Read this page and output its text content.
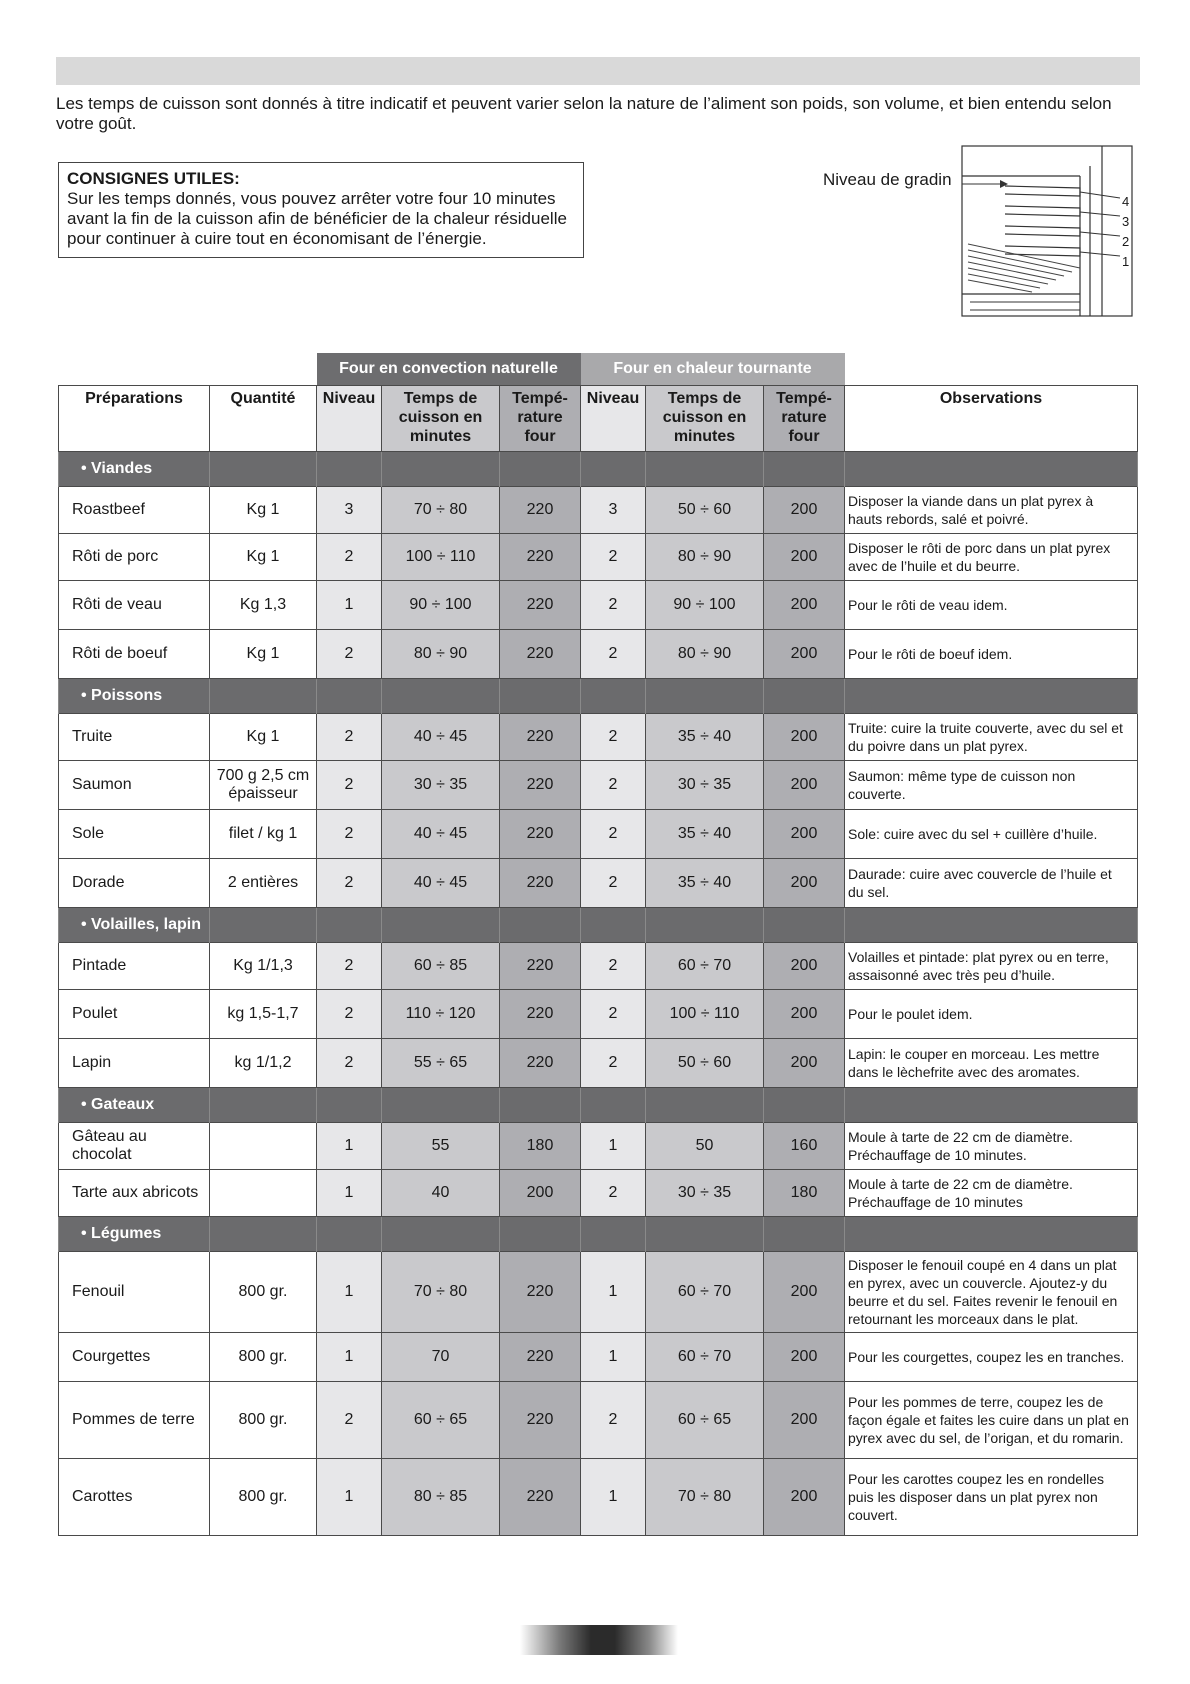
Les temps de cuisson sont donnés à titre indicatif et peuvent varier selon la nature de l’aliment son poids, son volume, et bien entendu selon votre goût.
CONSIGNES UTILES:
Sur les temps donnés, vous pouvez arrêter votre four 10 minutes avant la fin de la cuisson afin de bénéficier de la chaleur résiduelle pour continuer à cuire tout en économisant de l’énergie.
Niveau de gradin
4
3
2
1
		Four en convection naturelle			Four en chaleur tournante			
Préparations	Quantité	Niveau	Temps de cuisson en minutes	Tempé-rature four	Niveau	Temps de cuisson en minutes	Tempé-rature four	Observations
• Viandes								
Roastbeef	Kg 1	3	70 ÷ 80	220	3	50 ÷ 60	200	Disposer la viande dans un plat pyrex à hauts rebords, salé et poivré.
Rôti de porc	Kg 1	2	100 ÷ 110	220	2	80 ÷ 90	200	Disposer le rôti de porc dans un plat pyrex avec de l’huile et du beurre.
Rôti de veau	Kg 1,3	1	90 ÷ 100	220	2	90 ÷ 100	200	Pour le rôti de veau idem.
Rôti de boeuf	Kg 1	2	80 ÷ 90	220	2	80 ÷ 90	200	Pour le rôti de boeuf idem.
• Poissons								
Truite	Kg 1	2	40 ÷ 45	220	2	35 ÷ 40	200	Truite: cuire la truite couverte, avec du sel et du poivre dans un plat pyrex.
Saumon	700 g 2,5 cm épaisseur	2	30 ÷ 35	220	2	30 ÷ 35	200	Saumon: même type de cuisson non couverte.
Sole	filet / kg 1	2	40 ÷ 45	220	2	35 ÷ 40	200	Sole: cuire avec du sel + cuillère d’huile.
Dorade	2 entières	2	40 ÷ 45	220	2	35 ÷ 40	200	Daurade: cuire avec couvercle de l’huile et du sel.
• Volailles, lapin								
Pintade	Kg 1/1,3	2	60 ÷ 85	220	2	60 ÷ 70	200	Volailles et pintade: plat pyrex ou en terre, assaisonné avec très peu d’huile.
Poulet	kg 1,5-1,7	2	110 ÷ 120	220	2	100 ÷ 110	200	Pour le poulet idem.
Lapin	kg 1/1,2	2	55 ÷ 65	220	2	50 ÷ 60	200	Lapin: le couper en morceau. Les mettre dans le lèchefrite avec des aromates.
• Gateaux								
Gâteau au chocolat		1	55	180	1	50	160	Moule à tarte de 22 cm de diamètre. Préchauffage de 10 minutes.
Tarte aux abricots		1	40	200	2	30 ÷ 35	180	Moule à tarte de 22 cm de diamètre. Préchauffage de 10 minutes
• Légumes								
Fenouil	800 gr.	1	70 ÷ 80	220	1	60 ÷ 70	200	Disposer le fenouil coupé en 4 dans un plat en pyrex, avec un couvercle. Ajoutez-y du beurre et du sel. Faites revenir le fenouil en retournant les morceaux dans le plat.
Courgettes	800 gr.	1	70	220	1	60 ÷ 70	200	Pour les courgettes, coupez les en tranches.
Pommes de terre	800 gr.	2	60 ÷ 65	220	2	60 ÷ 65	200	Pour les pommes de terre, coupez les de façon égale et faites les cuire dans un plat en pyrex avec du sel, de l’origan, et du romarin.
Carottes	800 gr.	1	80 ÷ 85	220	1	70 ÷ 80	200	Pour les carottes coupez les en rondelles puis les disposer dans un plat pyrex non couvert.
